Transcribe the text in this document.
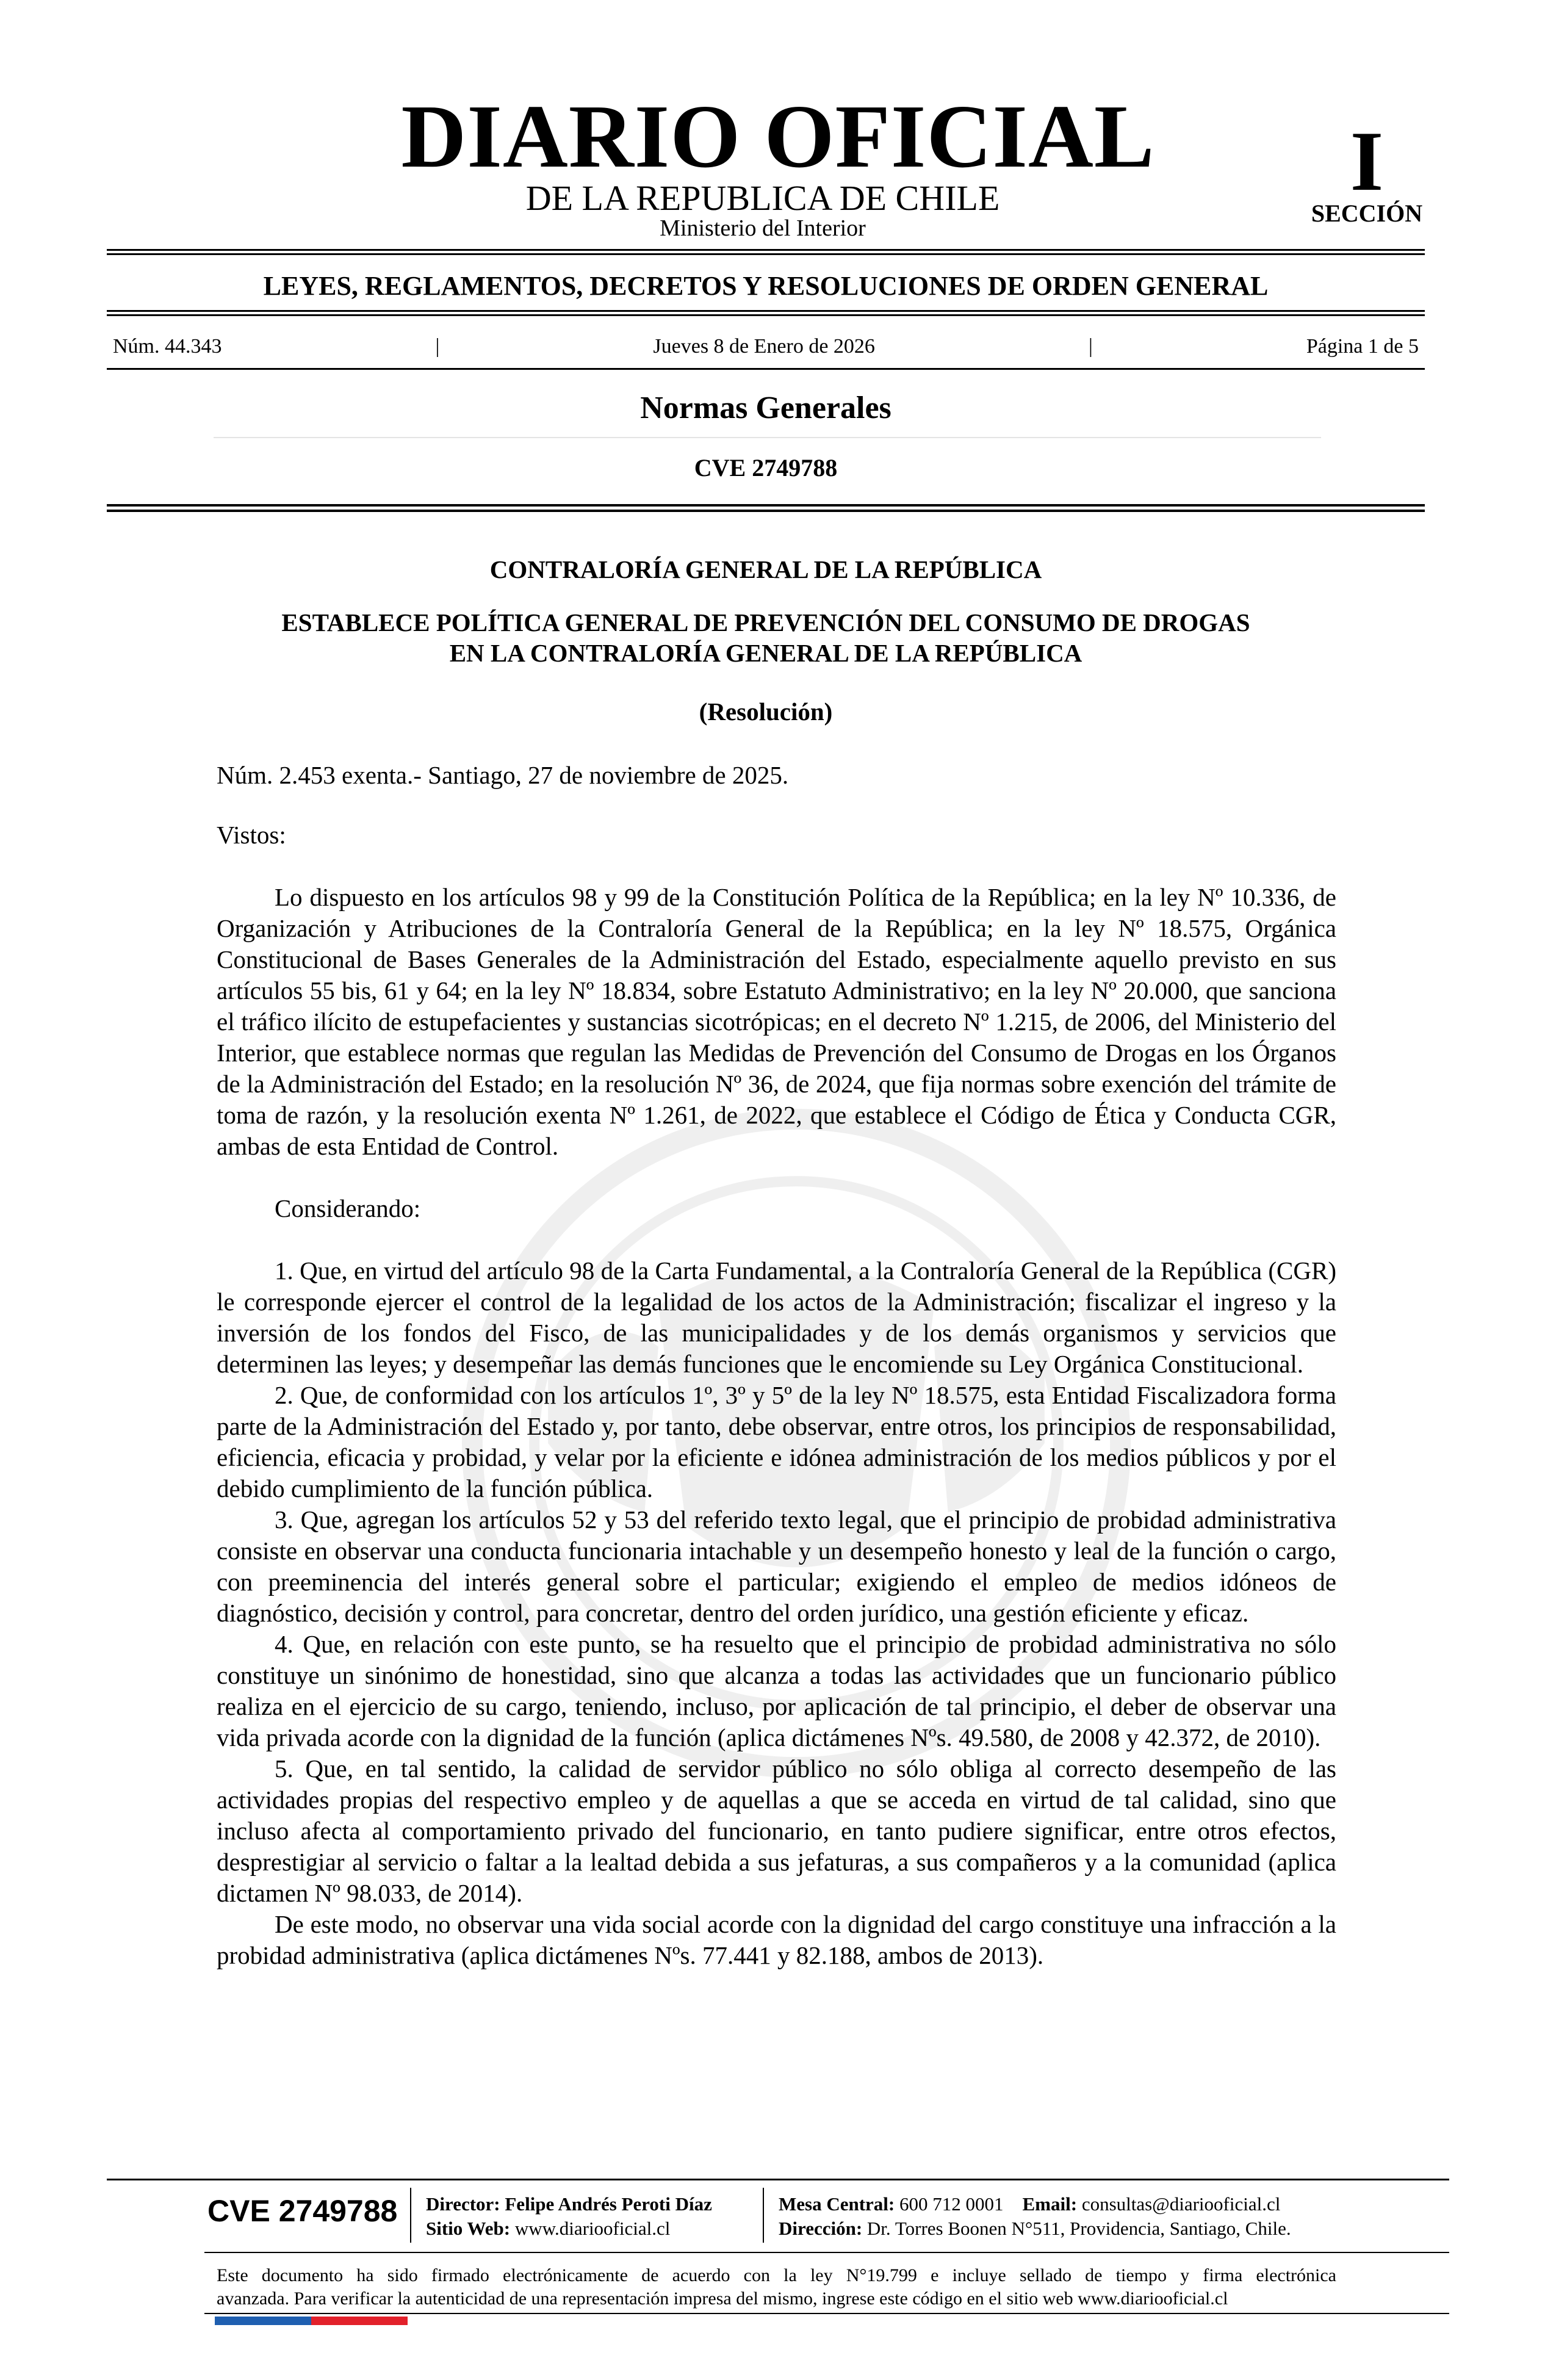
DIARIO OFICIAL
DE LA REPUBLICA DE CHILE
Ministerio del Interior
I
SECCIÓN
LEYES, REGLAMENTOS, DECRETOS Y RESOLUCIONES DE ORDEN GENERAL
Núm. 44.343	|	Jueves 8 de Enero de 2026	|	Página 1 de 5
Normas Generales
CVE 2749788
CONTRALORÍA GENERAL DE LA REPÚBLICA
ESTABLECE POLÍTICA GENERAL DE PREVENCIÓN DEL CONSUMO DE DROGAS
EN LA CONTRALORÍA GENERAL DE LA REPÚBLICA
(Resolución)
Núm. 2.453 exenta.- Santiago, 27 de noviembre de 2025.
Vistos:

Lo dispuesto en los artículos 98 y 99 de la Constitución Política de la República; en la ley Nº 10.336, de Organización y Atribuciones de la Contraloría General de la República; en la ley Nº 18.575, Orgánica Constitucional de Bases Generales de la Administración del Estado, especialmente aquello previsto en sus artículos 55 bis, 61 y 64; en la ley Nº 18.834, sobre Estatuto Administrativo; en la ley Nº 20.000, que sanciona el tráfico ilícito de estupefacientes y sustancias sicotrópicas; en el decreto Nº 1.215, de 2006, del Ministerio del Interior, que establece normas que regulan las Medidas de Prevención del Consumo de Drogas en los Órganos de la Administración del Estado; en la resolución Nº 36, de 2024, que fija normas sobre exención del trámite de toma de razón, y la resolución exenta Nº 1.261, de 2022, que establece el Código de Ética y Conducta CGR, ambas de esta Entidad de Control.

Considerando:

1. Que, en virtud del artículo 98 de la Carta Fundamental, a la Contraloría General de la República (CGR) le corresponde ejercer el control de la legalidad de los actos de la Administración; fiscalizar el ingreso y la inversión de los fondos del Fisco, de las municipalidades y de los demás organismos y servicios que determinen las leyes; y desempeñar las demás funciones que le encomiende su Ley Orgánica Constitucional.

2. Que, de conformidad con los artículos 1º, 3º y 5º de la ley Nº 18.575, esta Entidad Fiscalizadora forma parte de la Administración del Estado y, por tanto, debe observar, entre otros, los principios de responsabilidad, eficiencia, eficacia y probidad, y velar por la eficiente e idónea administración de los medios públicos y por el debido cumplimiento de la función pública.

3. Que, agregan los artículos 52 y 53 del referido texto legal, que el principio de probidad administrativa consiste en observar una conducta funcionaria intachable y un desempeño honesto y leal de la función o cargo, con preeminencia del interés general sobre el particular; exigiendo el empleo de medios idóneos de diagnóstico, decisión y control, para concretar, dentro del orden jurídico, una gestión eficiente y eficaz.

4. Que, en relación con este punto, se ha resuelto que el principio de probidad administrativa no sólo constituye un sinónimo de honestidad, sino que alcanza a todas las actividades que un funcionario público realiza en el ejercicio de su cargo, teniendo, incluso, por aplicación de tal principio, el deber de observar una vida privada acorde con la dignidad de la función (aplica dictámenes Nºs. 49.580, de 2008 y 42.372, de 2010).

5. Que, en tal sentido, la calidad de servidor público no sólo obliga al correcto desempeño de las actividades propias del respectivo empleo y de aquellas a que se acceda en virtud de tal calidad, sino que incluso afecta al comportamiento privado del funcionario, en tanto pudiere significar, entre otros efectos, desprestigiar al servicio o faltar a la lealtad debida a sus jefaturas, a sus compañeros y a la comunidad (aplica dictamen Nº 98.033, de 2014).

De este modo, no observar una vida social acorde con la dignidad del cargo constituye una infracción a la probidad administrativa (aplica dictámenes Nºs. 77.441 y 82.188, ambos de 2013).

CVE 2749788 Director: Felipe Andrés Peroti Díaz
Sitio Web: www.diariooficial.cl
Mesa Central: 600 712 0001 Email: consultas@diariooficial.cl
Dirección: Dr. Torres Boonen N°511, Providencia, Santiago, Chile.
Este documento ha sido firmado electrónicamente de acuerdo con la ley N°19.799 e incluye sellado de tiempo y firma electrónica
avanzada. Para verificar la autenticidad de una representación impresa del mismo, ingrese este código en el sitio web www.diariooficial.cl
